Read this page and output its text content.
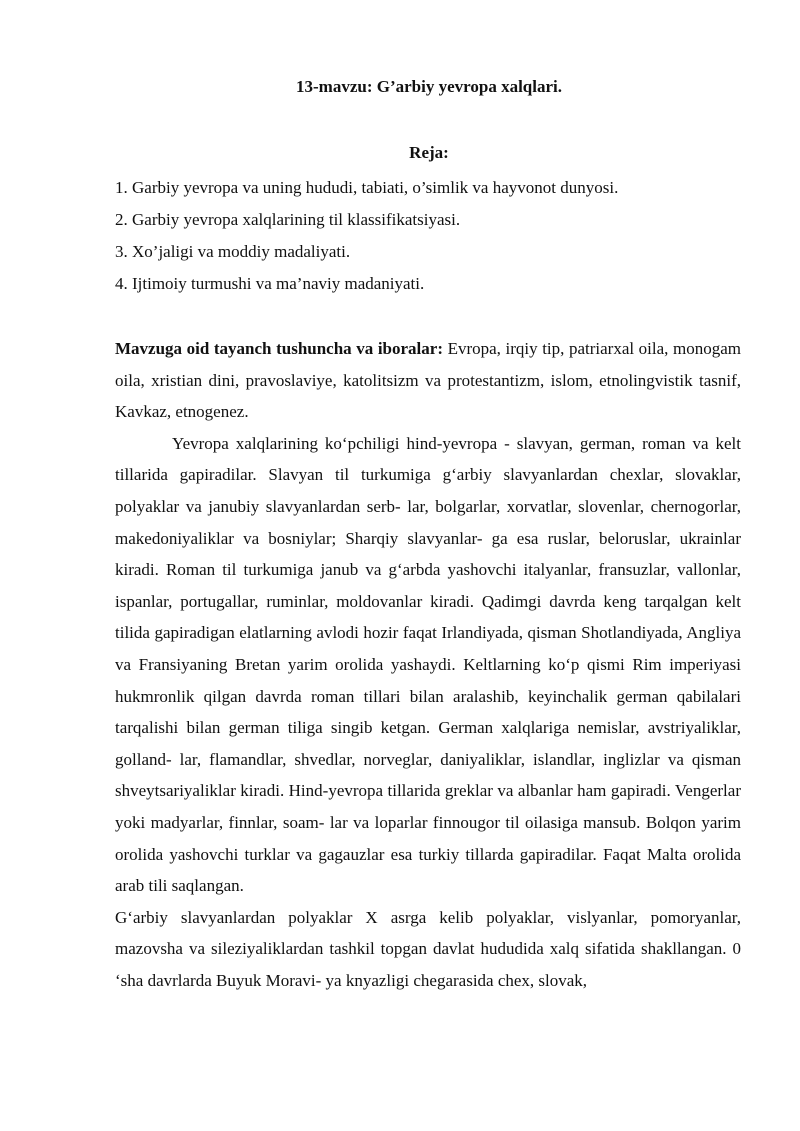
13-mavzu: G’arbiy yevropa xalqlari.
Reja:
1. Garbiy yevropa va uning hududi, tabiati, o’simlik va hayvonot dunyosi.
2. Garbiy yevropa xalqlarining til klassifikatsiyasi.
3. Xo’jaligi va moddiy madaliyati.
4. Ijtimoiy turmushi va ma’naviy madaniyati.

Mavzuga oid tayanch tushuncha va iboralar: Evropa, irqiy tip, patriarxal oila, monogam oila, xristian dini, pravoslaviye, katolitsizm va protestantizm, islom, etnolingvistik tasnif, Kavkaz, etnogenez.

Yevropa xalqlarining ko‘pchiligi hind-yevropa - slavyan, german, roman va kelt tillarida gapiradilar. Slavyan til turkumiga g‘arbiy slavyanlardan chexlar, slovaklar, polyaklar va janubiy slavyanlardan serb- lar, bolgarlar, xorvatlar, slovenlar, chernogorlar, makedoniyaliklar va bosniylar; Sharqiy slavyanlar- ga esa ruslar, beloruslar, ukrainlar kiradi. Roman til turkumiga janub va g‘arbda yashovchi italyanlar, fransuzlar, vallonlar, ispanlar, portugallar, ruminlar, moldovanlar kiradi. Qadimgi davrda keng tarqalgan kelt tilida gapiradigan elatlarning avlodi hozir faqat Irlandiyada, qisman Shotlandiyada, Angliya va Fransiyaning Bretan yarim orolida yashaydi. Keltlarning ko‘p qismi Rim imperiyasi hukmronlik qilgan davrda roman tillari bilan aralashib, keyinchalik german qabilalari tarqalishi bilan german tiliga singib ketgan. German xalqlariga nemislar, avstriyaliklar, golland- lar, flamandlar, shvedlar, norveglar, daniyaliklar, islandlar, inglizlar va qisman shveytsariyaliklar kiradi. Hind-yevropa tillarida greklar va albanlar ham gapiradi. Vengerlar yoki madyarlar, finnlar, soam- lar va loparlar finnougor til oilasiga mansub. Bolqon yarim orolida yashovchi turklar va gagauzlar esa turkiy tillarda gapiradilar. Faqat Malta orolida arab tili saqlangan.

G‘arbiy slavyanlardan polyaklar X asrga kelib polyaklar, vislyanlar, pomoryanlar, mazovsha va sileziyaliklardan tashkil topgan davlat hududida xalq sifatida shakllangan. 0 ‘sha davrlarda Buyuk Moravi- ya knyazligi chegarasida chex, slovak,
